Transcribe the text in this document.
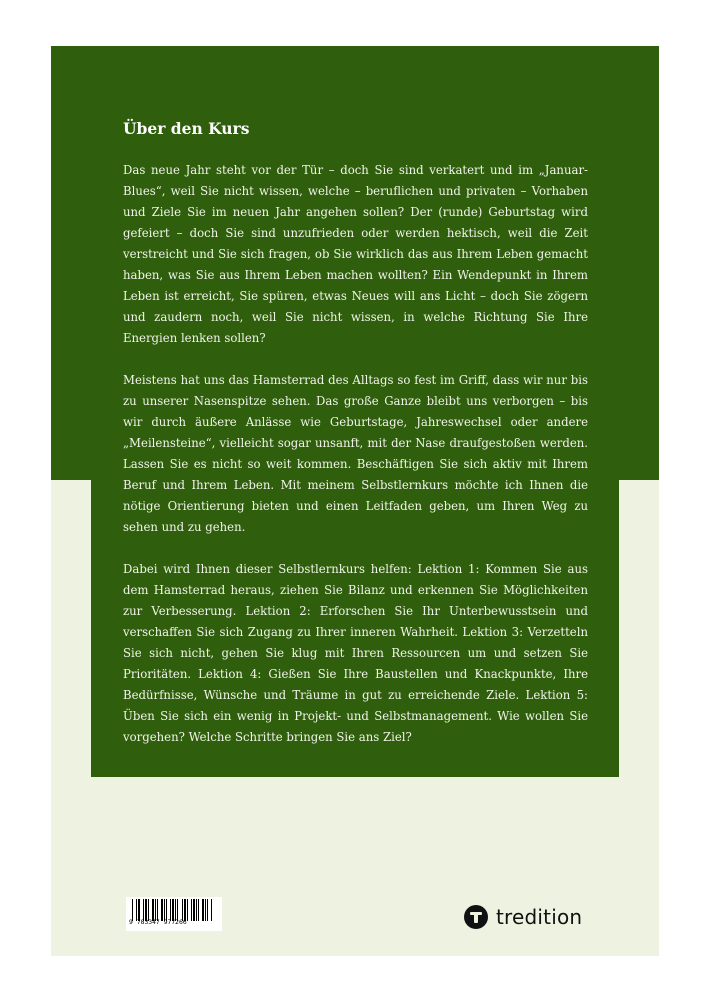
Über den Kurs

Das neue Jahr steht vor der Tür – doch Sie sind verkatert und im „Januar-Blues“, weil Sie nicht wissen, welche – beruflichen und privaten – Vorhaben und Ziele Sie im neuen Jahr angehen sollen? Der (runde) Geburtstag wird gefeiert – doch Sie sind unzufrieden oder werden hektisch, weil die Zeit verstreicht und Sie sich fragen, ob Sie wirklich das aus Ihrem Leben gemacht haben, was Sie aus Ihrem Leben machen wollten? Ein Wendepunkt in Ihrem Leben ist erreicht, Sie spüren, etwas Neues will ans Licht – doch Sie zögern und zaudern noch, weil Sie nicht wissen, in welche Richtung Sie Ihre Energien lenken sollen?

Meistens hat uns das Hamsterrad des Alltags so fest im Griff, dass wir nur bis zu unserer Nasenspitze sehen. Das große Ganze bleibt uns verborgen – bis wir durch äußere Anlässe wie Geburtstage, Jahreswechsel oder andere „Meilensteine“, vielleicht sogar unsanft, mit der Nase draufgestoßen werden. Lassen Sie es nicht so weit kommen. Beschäftigen Sie sich aktiv mit Ihrem Beruf und Ihrem Leben. Mit meinem Selbstlernkurs möchte ich Ihnen die nötige Orientierung bieten und einen Leitfaden geben, um Ihren Weg zu sehen und zu gehen.

Dabei wird Ihnen dieser Selbstlernkurs helfen: Lektion 1: Kommen Sie aus dem Hamsterrad heraus, ziehen Sie Bilanz und erkennen Sie Möglichkeiten zur Verbesserung. Lektion 2: Erforschen Sie Ihr Unterbewusstsein und verschaffen Sie sich Zugang zu Ihrer inneren Wahrheit. Lektion 3: Verzetteln Sie sich nicht, gehen Sie klug mit Ihren Ressourcen um und setzen Sie Prioritäten. Lektion 4: Gießen Sie Ihre Baustellen und Knackpunkte, Ihre Bedürfnisse, Wünsche und Träume in gut zu erreichende Ziele. Lektion 5: Üben Sie sich ein wenig in Projekt- und Selbstmanagement. Wie wollen Sie vorgehen? Welche Schritte bringen Sie ans Ziel?

9 783347 977266	tredition
